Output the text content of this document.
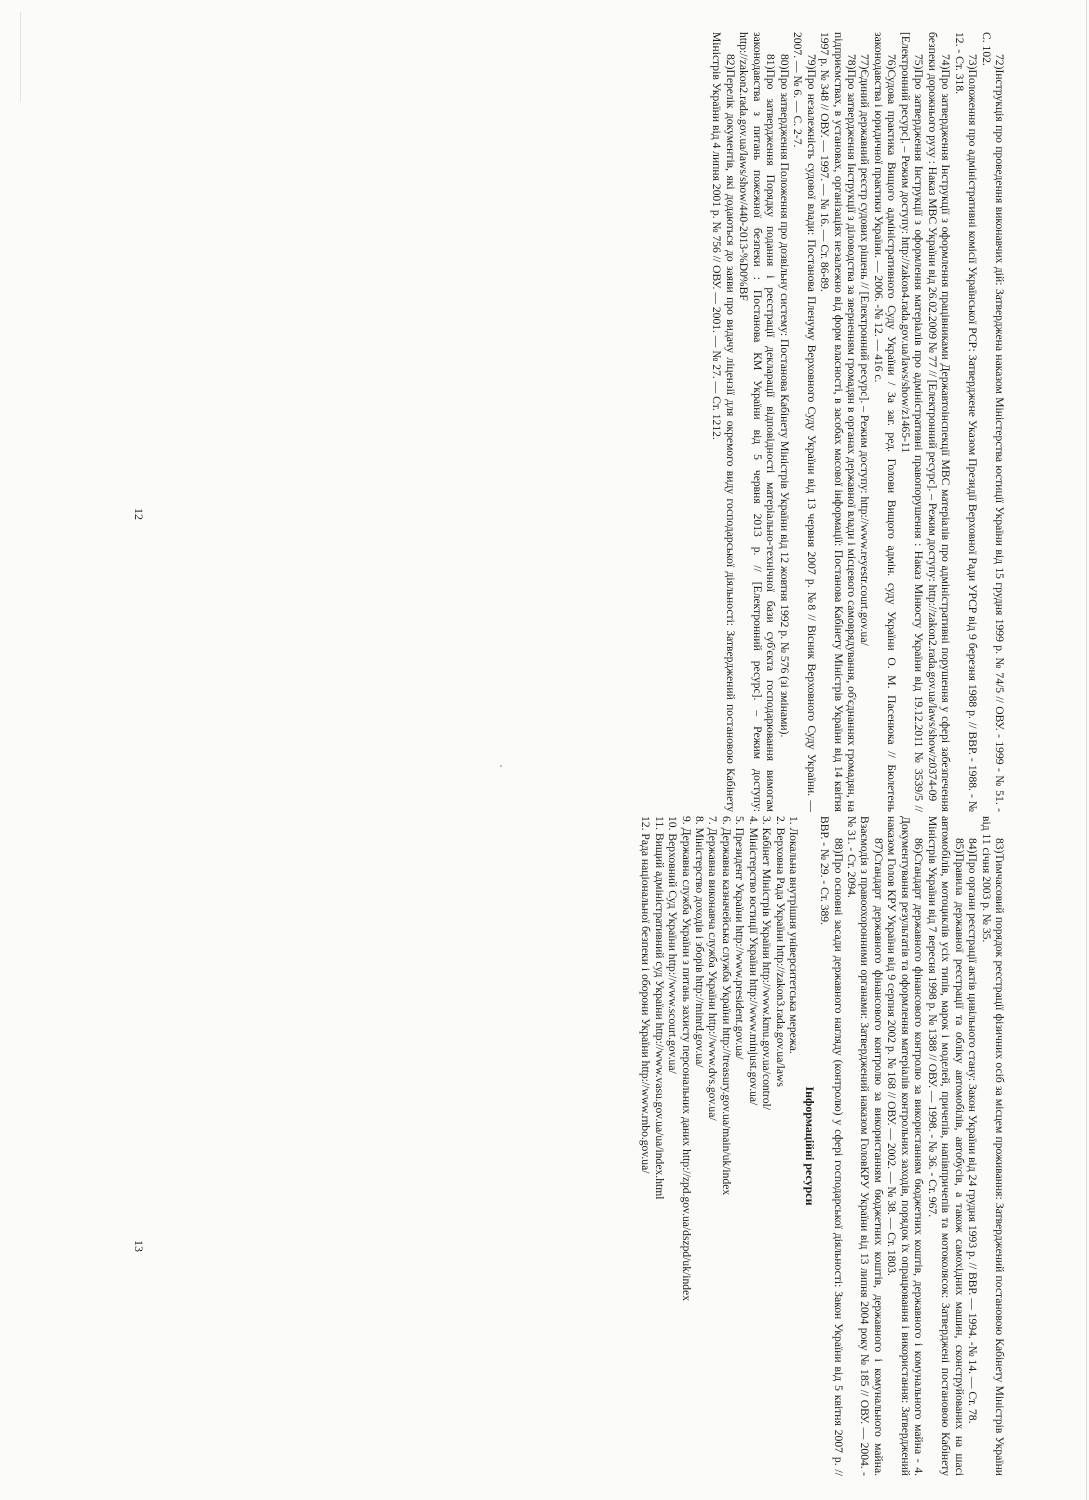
72)Інструкція про проведення виконавчих дій: Затверджена наказом Міністерства юстиції України від 15 грудня 1999 р. № 74/5 // ОВУ. - 1999 - № 51. - С. 102.

73)Положення про адміністративні комісії Української РСР: Затверджене Указом Президії Верховної Ради УРСР від 9 березня 1988 р. // ВВР. - 1988. - № 12. - Ст. 318.

74)Про затвердження Інструкції з оформлення працівниками Державтоінспекції МВС матеріалів про адміністративні порушення у сфері забезпечення безпеки дорожнього руху : Наказ МВС України від 26.02.2009 № 77 // [Електронний ресурс]. – Режим доступу: http://zakon2.rada.gov.ua/laws/show/z0374-09

75)Про затвердження Інструкції з оформлення матеріалів про адміністративні правопорушення : Наказ Мінюсту України від 19.12.2011 № 3539/5 // [Електронний ресурс]. – Режим доступу: http://zakon4.rada.gov.ua/laws/show/z1465-11

76)Судова практика Вищого адміністративного Суду України / За заг. ред. Голови Вищого адмін. суду України О. М. Пасенюка // Бюлетень законодавства і юридичної практики України. — 2006. -№ 12. — 416 с.

77)Єдиний державний реєстр судових рішень // [Електронний ресурс]. – Режим доступу: http://www.reyestr.court.gov.ua/

78)Про затвердження Інструкції з діловодства за зверненням громадян в органах державної влади і місцевого самоврядування, об'єднаннях громадян, на підприємствах, в установах, організаціях незалежно від форм власності, в засобах масової інформації: Постанова Кабінету Міністрів України від 14 квітня 1997 р. № 348 // ОВУ. — 1997. — № 16. — Ст. 86-89.

79)Про незалежність судової влади: Постанова Пленуму Верховного Суду України від 13 червня 2007 р. №8 // Вісник Верховного Суду України. — 2007. — № 6. — С. 2-7.

80)Про затвердження Положення про дозвільну систему: Постанова Кабінету Міністрів України від 12 жовтня 1992 р. № 576 (зі змінами).

81)Про затвердження Порядку подання і реєстрації декларації відповідності матеріально-технічної бази суб'єкта господарювання вимогам законодавства з питань пожежної безпеки : Постанова КМ України від 5 червня 2013 р. // [Електронний ресурс]. – Режим доступу: http://zakon2.rada.gov.ua/laws/show/440-2013-%D0%BF

82)Перелік документів, які додаються до заяви про видачу ліцензії для окремого виду господарської діяльності: Затверджений постановою Кабінету Міністрів України від 4 липня 2001 р. № 756 // ОВУ. — 2001. — № 27. — Ст. 1212.

12

83)Тимчасовий порядок реєстрації фізичних осіб за місцем проживання: Затверджений постановою Кабінету Міністрів України від 11 січня 2003 р. № 35.

84)Про органи реєстрації актів цивільного стану: Закон України від 24 грудня 1993 р. // ВВР. — 1994. -№ 14. — Ст. 78.

85)Правила державної реєстрації та обліку автомобілів, автобусів, а також самохідних машин, сконструйованих на шасі автомобілів, мотоциклів усіх типів, марок і моделей, причепів, напівпричепів та мотоколясок: Затверджені постановою Кабінету Міністрів України від 7 вересня 1998 р. № 1388 // ОВУ. — 1998. - № 36. - Ст. 967.

86)Стандарт державного фінансового контролю за використанням бюджетних коштів, державного і комунального майна - 4. Документування результатів та оформлення матеріалів контрольних заходів, порядок їх опрацювання і використання: Затверджений наказом Голов КРУ України від 9 серпня 2002 р. № 168 // ОВУ. — 2002. — № 38. — Ст. 1803.

87)Стандарт державного фінансового контролю за використанням бюджетних коштів, державного і комунального майна. Взаємодія з правоохоронними органами: Затверджений наказом ГоловКРУ України від 13 липня 2004 року № 185 // ОВУ. — 2004. - № 31. - Ст. 2094.

88)Про основні засади державного нагляду (контролю) у сфері господарської діяльності: Закон України від 5 квітня 2007 р. // ВВР. - № 29. - Ст. 389.

Інформаційні ресурси

1. Локальна внутрішня університетська мережа.

2. Верховна Рада України http://zakon3.rada.gov.ua/laws

3. Кабінет Міністрів України http://www.kmu.gov.ua/control/

4. Міністерство юстиції України http://www.minjust.gov.ua/

5. Президент України http://www.president.gov.ua/

6. Державна казначейська служба України http://treasury.gov.ua/main/uk/index

7. Державна виконавча служба України http://www.dvs.gov.ua/

8. Міністерство доходів і зборів http://minrd.gov.ua/

9. Державна служба України з питань захисту персональних даних http://zpd.gov.ua/dszpd/uk/index

10. Верховний Суд України http://www.scourt.gov.ua/

11. Вищий адміністративний суд України http://www.vasu.gov.ua/ua/index.html

12. Рада національної безпеки і оборони України http://www.rnbo.gov.ua/

13
